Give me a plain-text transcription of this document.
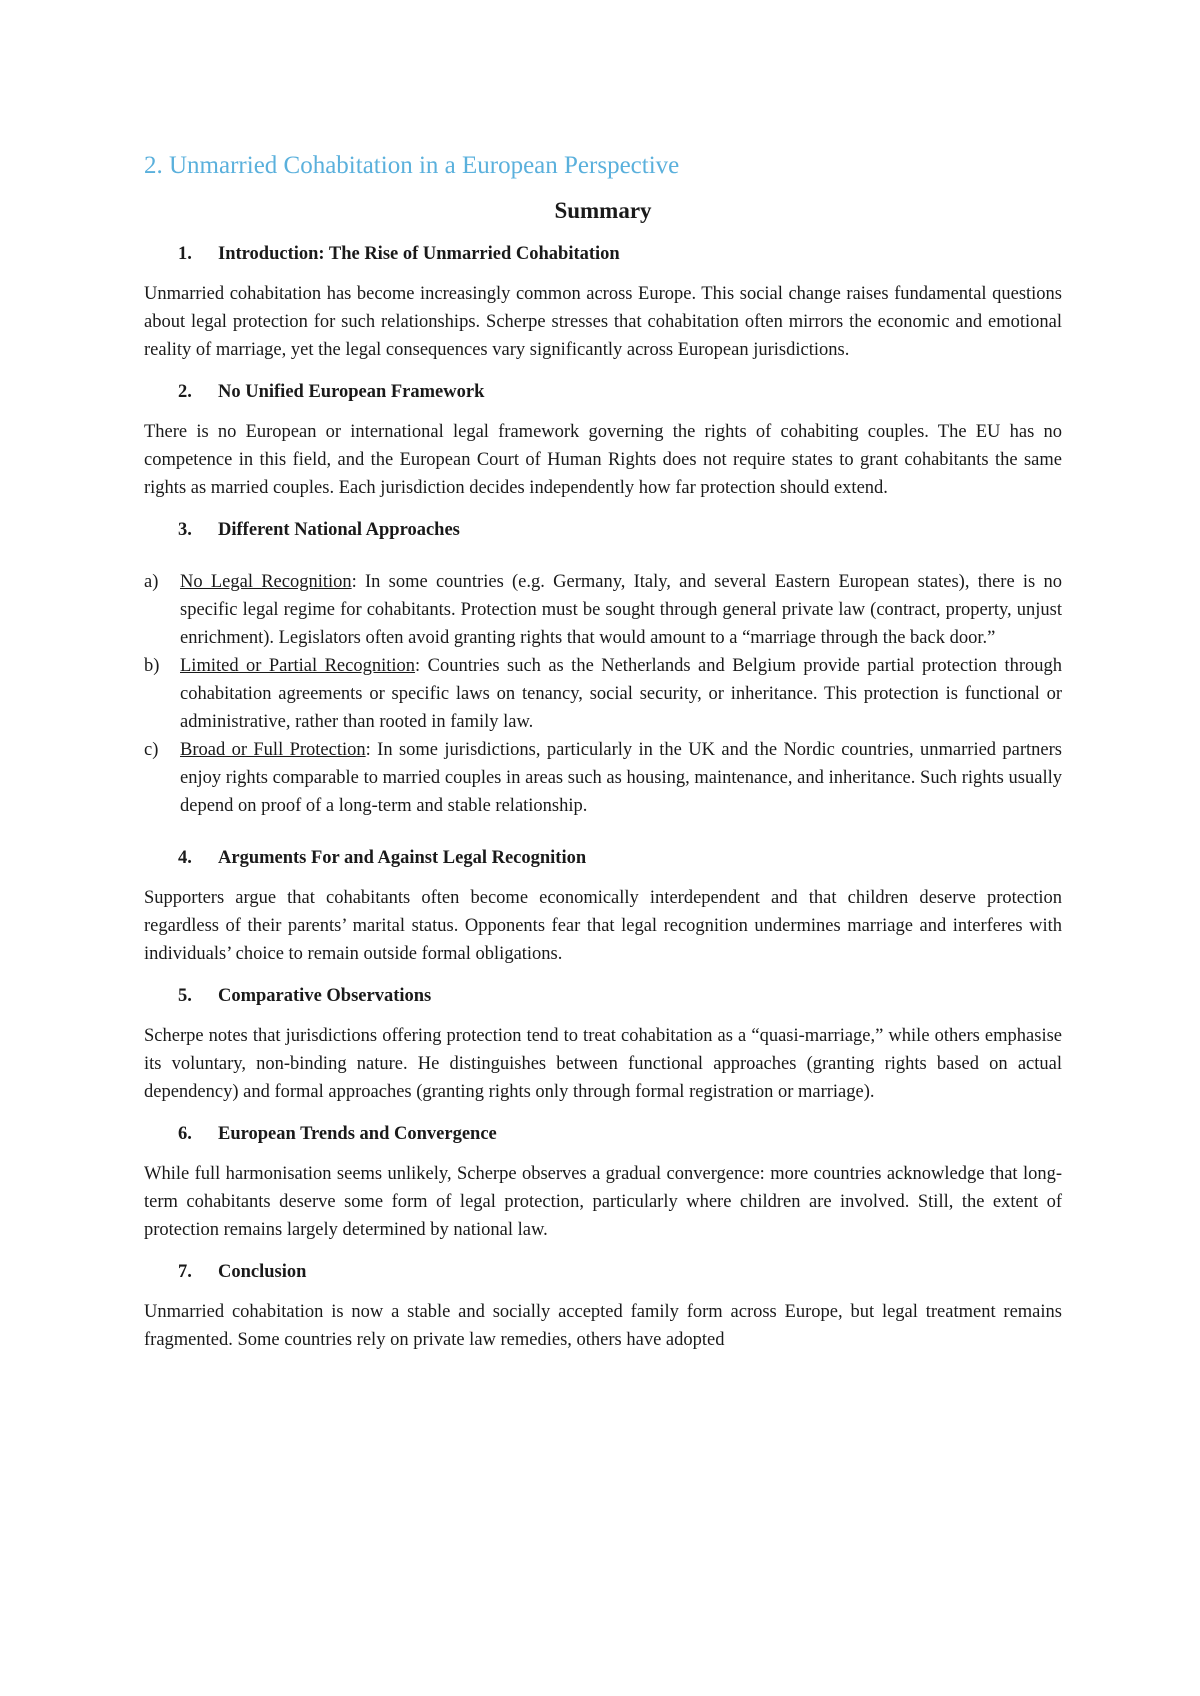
2. Unmarried Cohabitation in a European Perspective
Summary
1.	Introduction: The Rise of Unmarried Cohabitation

Unmarried cohabitation has become increasingly common across Europe. This social change raises fundamental questions about legal protection for such relationships. Scherpe stresses that cohabitation often mirrors the economic and emotional reality of marriage, yet the legal consequences vary significantly across European jurisdictions.

2.	No Unified European Framework

There is no European or international legal framework governing the rights of cohabiting couples. The EU has no competence in this field, and the European Court of Human Rights does not require states to grant cohabitants the same rights as married couples. Each jurisdiction decides independently how far protection should extend.

3.	Different National Approaches
a)	No Legal Recognition: In some countries (e.g. Germany, Italy, and several Eastern European states), there is no specific legal regime for cohabitants. Protection must be sought through general private law (contract, property, unjust enrichment). Legislators often avoid granting rights that would amount to a “marriage through the back door.”
b)	Limited or Partial Recognition: Countries such as the Netherlands and Belgium provide partial protection through cohabitation agreements or specific laws on tenancy, social security, or inheritance. This protection is functional or administrative, rather than rooted in family law.
c)	Broad or Full Protection: In some jurisdictions, particularly in the UK and the Nordic countries, unmarried partners enjoy rights comparable to married couples in areas such as housing, maintenance, and inheritance. Such rights usually depend on proof of a long-term and stable relationship.
4.	Arguments For and Against Legal Recognition

Supporters argue that cohabitants often become economically interdependent and that children deserve protection regardless of their parents’ marital status. Opponents fear that legal recognition undermines marriage and interferes with individuals’ choice to remain outside formal obligations.

5.	Comparative Observations

Scherpe notes that jurisdictions offering protection tend to treat cohabitation as a “quasi-marriage,” while others emphasise its voluntary, non-binding nature. He distinguishes between functional approaches (granting rights based on actual dependency) and formal approaches (granting rights only through formal registration or marriage).

6.	European Trends and Convergence

While full harmonisation seems unlikely, Scherpe observes a gradual convergence: more countries acknowledge that long-term cohabitants deserve some form of legal protection, particularly where children are involved. Still, the extent of protection remains largely determined by national law.

7.	Conclusion

Unmarried cohabitation is now a stable and socially accepted family form across Europe, but legal treatment remains fragmented. Some countries rely on private law remedies, others have adopted
